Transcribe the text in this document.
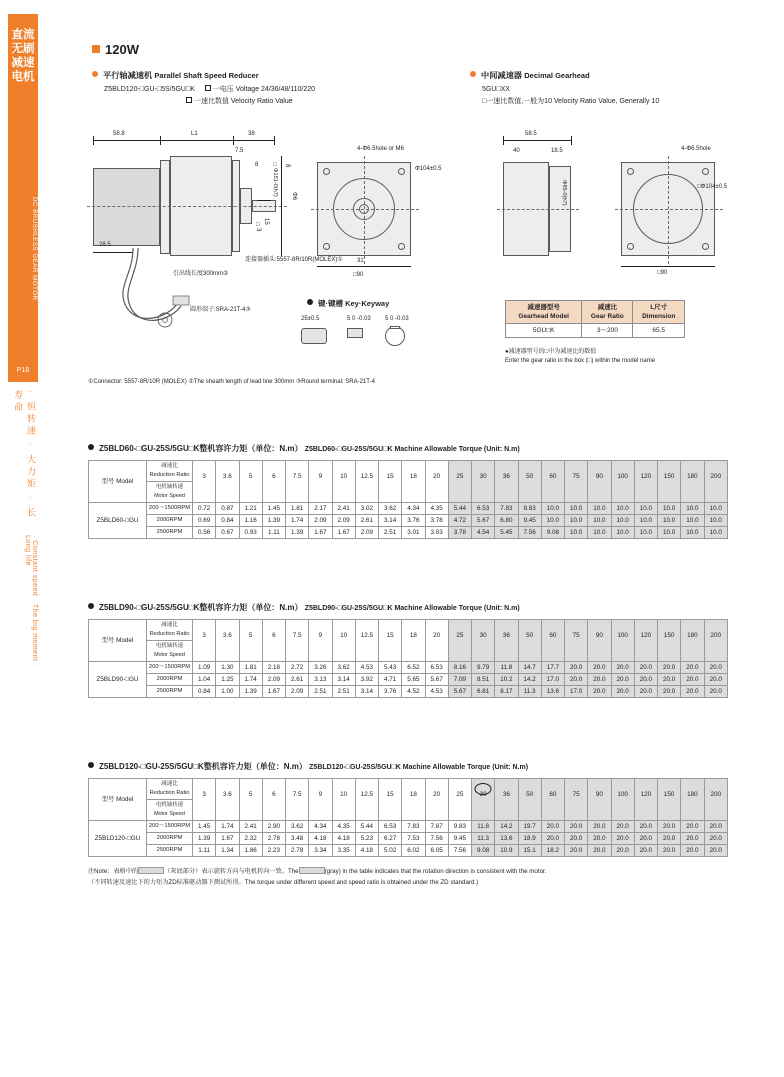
直流无刷减速电机
DC BRUSHLESS GEAR MOTOR
P18
· 恒转速 · 大力矩 · 长寿命
· Constant speed · The big moment · Long life
120W
平行轴减速机 Parallel Shaft Speed Reducer
Z5BLD120-□GU-□5S/5GU□K	一电压 Voltage 24/36/48/110/220
一速比数值 Velocity Ratio Value
中间减速器 Decimal Gearhead
5GU□XX
□一速比数值,一般为10 Velocity Ratio Value, Generally 10
58.8	L1	38
7.5
8	8
□Φ151-0(h7) Φ6
28.5
15
□3
连接器插头:5557-8R/10R(MOLEX)①
引出线长度300mm②
圆形端子:SRA-21T-4③
4-Φ6.5hole or M6
Φ104±0.5
31
□90
键·键槽 Key·Keyway
25±0.5	5 0 -0.03 5 0 -0.03
58.5
40	18.5
Φ85-0(h7)
4-Φ6.5hole
□Φ104±0.5
□90
减速器型号
Gearhead Model

减速比
Gear Ratio

L尺寸
Dimension

5GU□K	3～200	65.5
●减速器型号的□中为减速比的数值
Enter the gear ratio in the box (□) within the model name
①Connector: 5557-8R/10R (MOLEX) ②The sheath length of lead line 300mm ③Round terminal: SRA-21T-4
Z5BLD60-□GU-25S/5GU□K整机容许力矩（单位：N.m） Z5BLD60-□GU-25S/5GU□K Machine Allowable Torque (Unit: N.m)
型号 Model	减速比
Reduction Ratio	3	3.6	5	6	7.5	9	10	12.5	15	18	20	25	30	36	50	60	75	90	100	120	150	180	200
	电机轴转速
Motor Speed																							
Z5BLD60-□GU	200～1500RPM	0.72	0.87	1.21	1.45	1.81	2.17	2.41	3.02	3.62	4.34	4.35	5.44	6.53	7.83	9.83	10.0	10.0	10.0	10.0	10.0	10.0	10.0	10.0
	2000RPM	0.69	0.84	1.16	1.39	1.74	2.09	2.09	2.61	3.14	3.76	3.78	4.72	5.67	6.80	9.45	10.0	10.0	10.0	10.0	10.0	10.0	10.0	10.0
	2500RPM	0.56	0.67	0.93	1.11	1.39	1.67	1.67	2.09	2.51	3.01	3.03	3.78	4.54	5.45	7.56	9.08	10.0	10.0	10.0	10.0	10.0	10.0	10.0
Z5BLD90-□GU-25S/5GU□K整机容许力矩（单位：N.m） Z5BLD90-□GU-25S/5GU□K Machine Allowable Torque (Unit: N.m)
型号 Model	减速比
Reduction Ratio	3	3.6	5	6	7.5	9	10	12.5	15	18	20	25	30	36	50	60	75	90	100	120	150	180	200
	电机轴转速
Motor Speed																							
Z5BLD90-□GU	200～1500RPM	1.09	1.30	1.81	2.18	2.72	3.26	3.62	4.53	5.43	6.52	6.53	8.16	9.79	11.8	14.7	17.7	20.0	20.0	20.0	20.0	20.0	20.0	20.0
	2000RPM	1.04	1.25	1.74	2.09	2.61	3.13	3.14	3.92	4.71	5.65	5.67	7.09	8.51	10.2	14.2	17.0	20.0	20.0	20.0	20.0	20.0	20.0	20.0
	2500RPM	0.84	1.00	1.39	1.67	2.09	2.51	2.51	3.14	3.76	4.52	4.53	5.67	6.81	8.17	11.3	13.6	17.0	20.0	20.0	20.0	20.0	20.0	20.0
Z5BLD120-□GU-25S/5GU□K整机容许力矩（单位：N.m） Z5BLD120-□GU-25S/5GU□K Machine Allowable Torque (Unit: N.m)
型号 Model	减速比
Reduction Ratio	3	3.6	5	6	7.5	9	10	12.5	15	18	20	25	30	36	50	60	75	90	100	120	150	180	200
	电机轴转速
Motor Speed																							
Z5BLD120-□GU	200～1500RPM	1.45	1.74	2.41	2.90	3.62	4.34	4.35	5.44	6.53	7.83	7.87	9.83	11.8	14.2	19.7	20.0	20.0	20.0	20.0	20.0	20.0	20.0	20.0
	2000RPM	1.39	1.67	2.32	2.78	3.48	4.18	4.18	5.23	6.27	7.53	7.56	9.45	11.3	13.6	18.9	20.0	20.0	20.0	20.0	20.0	20.0	20.0	20.0
	2500RPM	1.11	1.34	1.86	2.23	2.78	3.34	3.35	4.18	5.02	6.02	6.05	7.56	9.08	10.9	15.1	18.2	20.0	20.0	20.0	20.0	20.0	20.0	20.0
注Note：表格中的	（灰底部分）表示旋转方向与电机转向一致。The	(gray) in the table indicates that the rotation direction is consistent with the motor.
（不同转速及速比下的力矩为ZD标准驱动器下测试所得。The torque under different speed and speed ratio is obtained under the ZD standard.)
